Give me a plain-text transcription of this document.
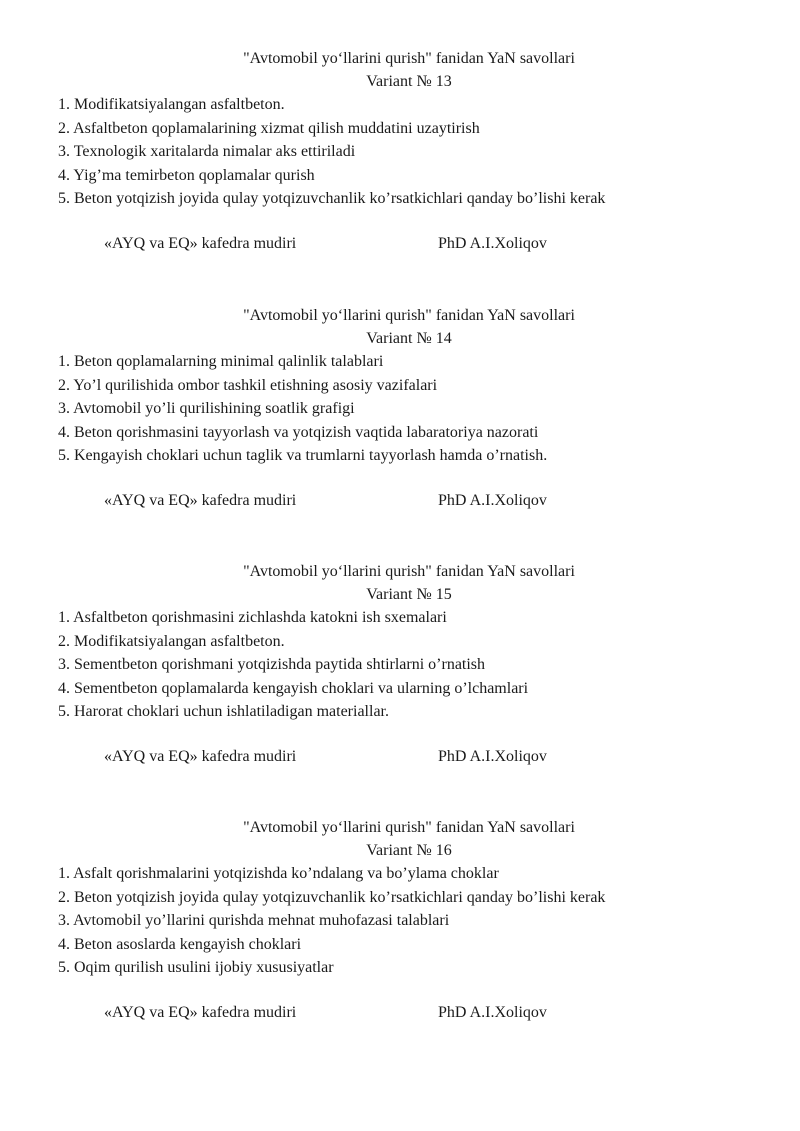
"Avtomobil yo‘llarini qurish" fanidan YaN savollari
Variant № 13
1. Modifikatsiyalangan asfaltbeton.
2. Asfaltbeton qoplamalarining xizmat qilish muddatini uzaytirish
3. Texnologik xaritalarda nimalar aks ettiriladi
4. Yig’ma temirbeton qoplamalar qurish
5. Beton yotqizish joyida qulay yotqizuvchanlik ko’rsatkichlari qanday bo’lishi kerak
«AYQ va EQ» kafedra mudiri	PhD A.I.Xoliqov
"Avtomobil yo‘llarini qurish" fanidan YaN savollari
Variant № 14
1. Beton qoplamalarning minimal qalinlik talablari
2. Yo’l qurilishida ombor tashkil etishning asosiy vazifalari
3. Avtomobil yo’li qurilishining soatlik grafigi
4. Beton qorishmasini tayyorlash va yotqizish vaqtida labaratoriya nazorati
5. Kengayish choklari uchun taglik va trumlarni tayyorlash hamda o’rnatish.
«AYQ va EQ» kafedra mudiri	PhD A.I.Xoliqov
"Avtomobil yo‘llarini qurish" fanidan YaN savollari
Variant № 15
1. Asfaltbeton qorishmasini zichlashda katokni ish sxemalari
2. Modifikatsiyalangan asfaltbeton.
3. Sementbeton qorishmani yotqizishda paytida shtirlarni o’rnatish
4. Sementbeton qoplamalarda kengayish choklari va ularning o’lchamlari
5. Harorat choklari uchun ishlatiladigan materiallar.
«AYQ va EQ» kafedra mudiri	PhD A.I.Xoliqov
"Avtomobil yo‘llarini qurish" fanidan YaN savollari
Variant № 16
1. Asfalt qorishmalarini yotqizishda ko’ndalang va bo’ylama choklar
2. Beton yotqizish joyida qulay yotqizuvchanlik ko’rsatkichlari qanday bo’lishi kerak
3. Avtomobil yo’llarini qurishda mehnat muhofazasi talablari
4. Beton asoslarda kengayish choklari
5. Oqim qurilish usulini ijobiy xususiyatlar
«AYQ va EQ» kafedra mudiri	PhD A.I.Xoliqov
